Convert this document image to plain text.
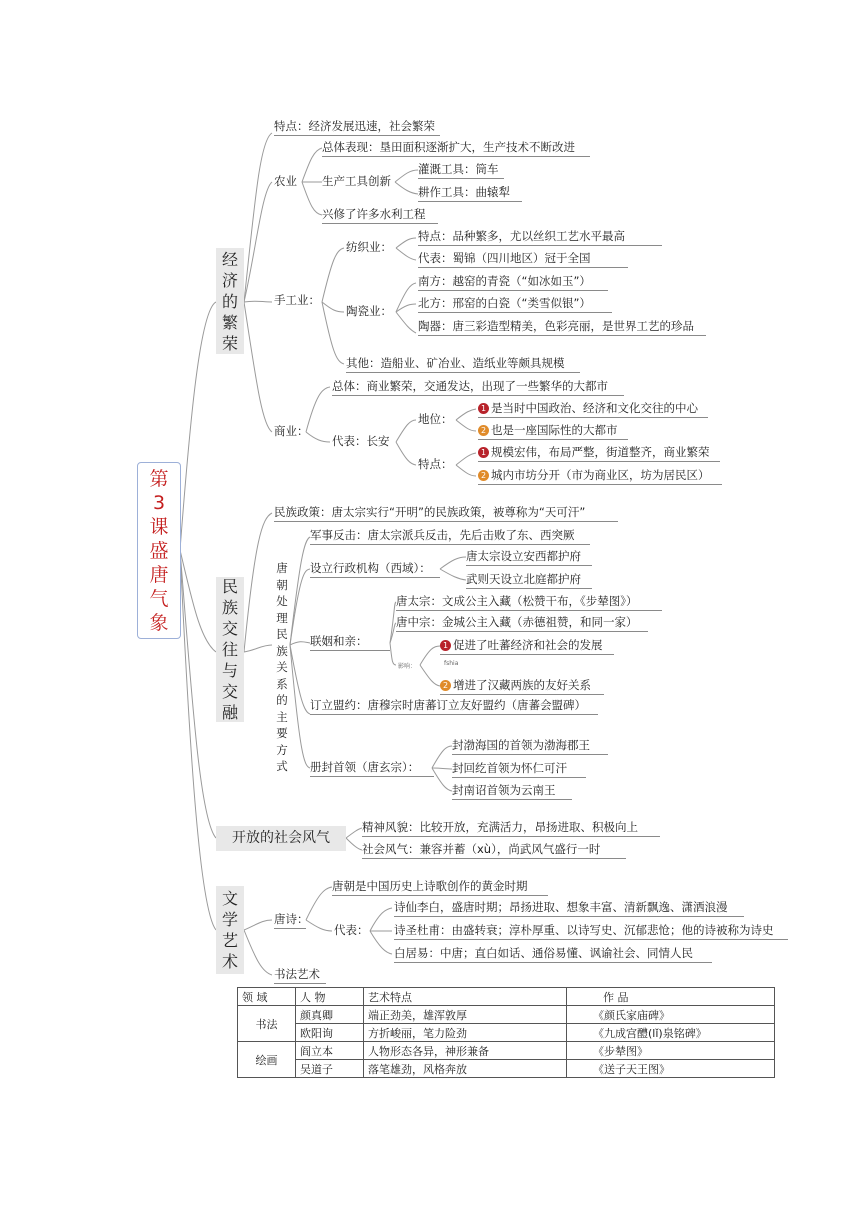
第3课盛唐气象
经济的繁荣
特点：经济发展迅速，社会繁荣
农业
总体表现：垦田面积逐渐扩大，生产技术不断改进
生产工具创新
灌溉工具：筒车
耕作工具：曲辕犁
兴修了许多水利工程
手工业：
纺织业：
特点：品种繁多，尤以丝织工艺水平最高
代表：蜀锦（四川地区）冠于全国
陶瓷业：
南方：越窑的青瓷（“如冰如玉”）
北方：邢窑的白瓷（“类雪似银”）
陶器：唐三彩造型精美，色彩亮丽，是世界工艺的珍品
其他：造船业、矿冶业、造纸业等颇具规模
商业：
总体：商业繁荣，交通发达，出现了一些繁华的大都市
代表：长安
地位：
1 是当时中国政治、经济和文化交往的中心
2 也是一座国际性的大都市
特点：
1 规模宏伟，布局严整，街道整齐，商业繁荣
2 城内市坊分开（市为商业区，坊为居民区）
民族交往与交融
民族政策：唐太宗实行“开明”的民族政策，被尊称为“天可汗”
唐朝处理民族关系的主要方式
军事反击：唐太宗派兵反击，先后击败了东、西突厥
设立行政机构（西域）：
唐太宗设立安西都护府
武则天设立北庭都护府
联姻和亲：
唐太宗：文成公主入藏（松赞干布，《步辇图》）
唐中宗：金城公主入藏（赤德祖赞，和同一家）
影响：	fshia
1 促进了吐蕃经济和社会的发展
2 增进了汉藏两族的友好关系
订立盟约：唐穆宗时唐蕃订立友好盟约（唐蕃会盟碑）
册封首领（唐玄宗）：
封渤海国的首领为渤海郡王
封回纥首领为怀仁可汗
封南诏首领为云南王
开放的社会风气
精神风貌：比较开放，充满活力，昂扬进取、积极向上
社会风气：兼容并蓄（xù），尚武风气盛行一时
文学艺术
唐诗：
唐朝是中国历史上诗歌创作的黄金时期
代表：
诗仙李白，盛唐时期；昂扬进取、想象丰富、清新飘逸、潇洒浪漫
诗圣杜甫：由盛转衰；淳朴厚重、以诗写史、沉郁悲怆；他的诗被称为诗史
白居易：中唐；直白如话、通俗易懂、讽谕社会、同情人民
书法艺术
领 域	人 物	艺术特点	作 品
书法	颜真卿	端正劲美，雄浑敦厚	《颜氏家庙碑》
	欧阳询	方折峻丽，笔力险劲	《九成宫醴(lǐ)泉铭碑》
绘画	阎立本	人物形态各异，神形兼备	《步辇图》
	吴道子	落笔雄劲，风格奔放	《送子天王图》
